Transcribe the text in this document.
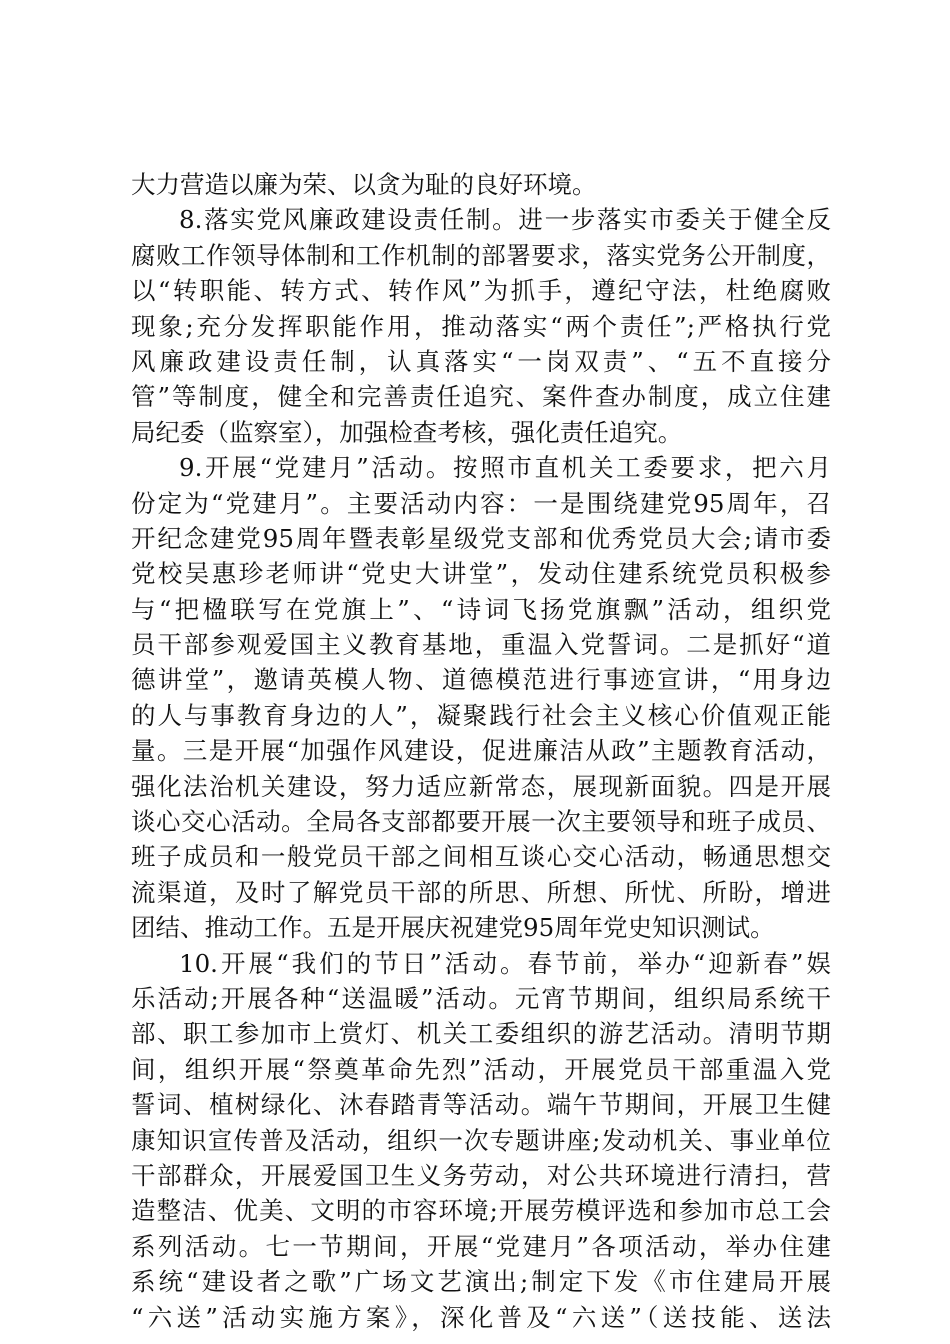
大力营造以廉为荣、以贪为耻的良好环境。
8.落实党风廉政建设责任制。进一步落实市委关于健全反
腐败工作领导体制和工作机制的部署要求，落实党务公开制度，
以“转职能、转方式、转作风”为抓手，遵纪守法，杜绝腐败
现象;充分发挥职能作用，推动落实“两个责任”;严格执行党
风廉政建设责任制，认真落实“一岗双责”、“五不直接分
管”等制度，健全和完善责任追究、案件查办制度，成立住建
局纪委（监察室），加强检查考核，强化责任追究。
9.开展“党建月”活动。按照市直机关工委要求，把六月
份定为“党建月”。主要活动内容：一是围绕建党95周年，召
开纪念建党95周年暨表彰星级党支部和优秀党员大会;请市委
党校吴惠珍老师讲“党史大讲堂”，发动住建系统党员积极参
与“把楹联写在党旗上”、“诗词飞扬党旗飘”活动，组织党
员干部参观爱国主义教育基地，重温入党誓词。二是抓好“道
德讲堂”，邀请英模人物、道德模范进行事迹宣讲，“用身边
的人与事教育身边的人”，凝聚践行社会主义核心价值观正能
量。三是开展“加强作风建设，促进廉洁从政”主题教育活动，
强化法治机关建设，努力适应新常态，展现新面貌。四是开展
谈心交心活动。全局各支部都要开展一次主要领导和班子成员、
班子成员和一般党员干部之间相互谈心交心活动，畅通思想交
流渠道，及时了解党员干部的所思、所想、所忧、所盼，增进
团结、推动工作。五是开展庆祝建党95周年党史知识测试。
10.开展“我们的节日”活动。春节前，举办“迎新春”娱
乐活动;开展各种“送温暖”活动。元宵节期间，组织局系统干
部、职工参加市上赏灯、机关工委组织的游艺活动。清明节期
间，组织开展“祭奠革命先烈”活动，开展党员干部重温入党
誓词、植树绿化、沐春踏青等活动。端午节期间，开展卫生健
康知识宣传普及活动，组织一次专题讲座;发动机关、事业单位
干部群众，开展爱国卫生义务劳动，对公共环境进行清扫，营
造整洁、优美、文明的市容环境;开展劳模评选和参加市总工会
系列活动。七一节期间，开展“党建月”各项活动，举办住建
系统“建设者之歌”广场文艺演出;制定下发《市住建局开展
“六送”活动实施方案》，深化普及“六送”（送技能、送法
